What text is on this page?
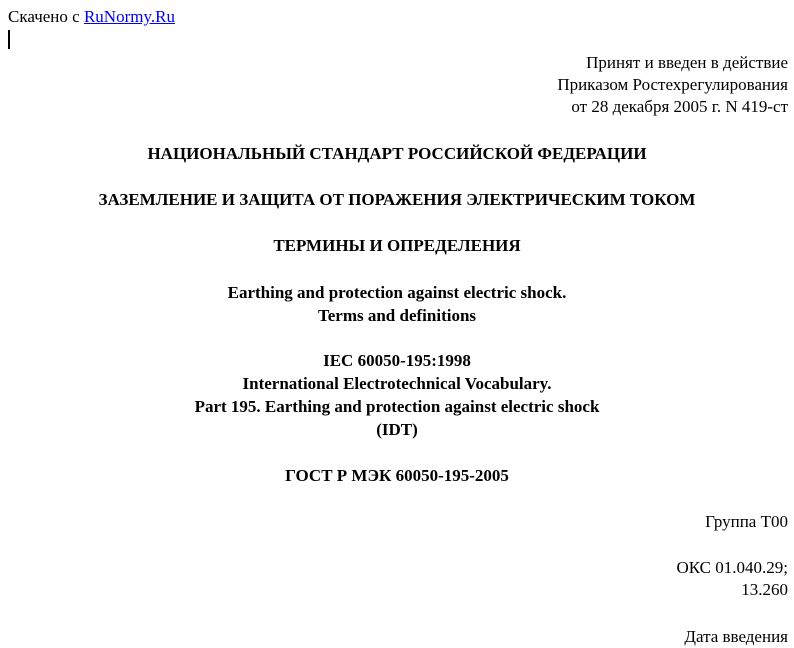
Скачено с RuNormy.Ru
Принят и введен в действие
Приказом Ростехрегулирования
от 28 декабря 2005 г. N 419-ст
НАЦИОНАЛЬНЫЙ СТАНДАРТ РОССИЙСКОЙ ФЕДЕРАЦИИ
ЗАЗЕМЛЕНИЕ И ЗАЩИТА ОТ ПОРАЖЕНИЯ ЭЛЕКТРИЧЕСКИМ ТОКОМ
ТЕРМИНЫ И ОПРЕДЕЛЕНИЯ
Earthing and protection against electric shock.
Terms and definitions
IEC 60050-195:1998
International Electrotechnical Vocabulary.
Part 195. Earthing and protection against electric shock
(IDT)
ГОСТ Р МЭК 60050-195-2005
Группа Т00
ОКС 01.040.29;
13.260
Дата введения
